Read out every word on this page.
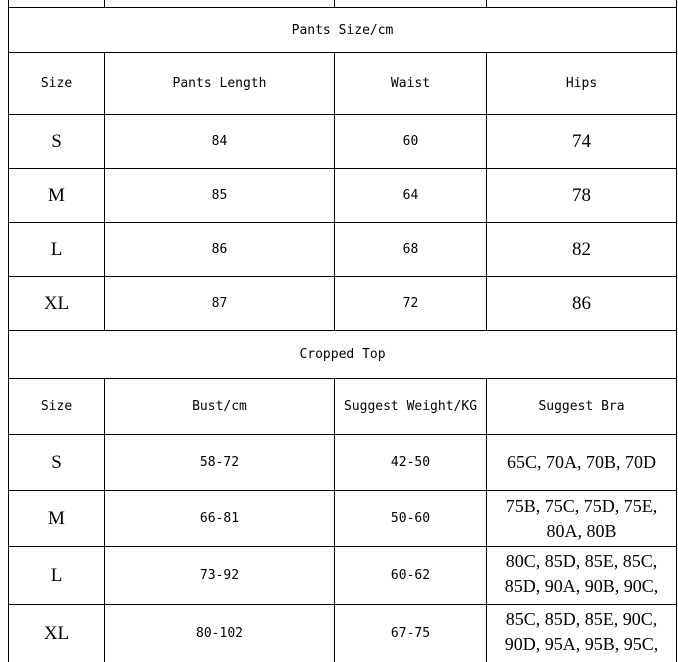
Pants Size/cm			
Size	Pants Length	Waist	Hips
S	84	60	74
M	85	64	78
L	86	68	82
XL	87	72	86
Cropped Top			
Size	Bust/cm	Suggest Weight/KG	Suggest Bra
S	58-72	42-50	65C, 70A, 70B, 70D
M	66-81	50-60	75B, 75C, 75D, 75E, 80A, 80B
L	73-92	60-62	80C, 85D, 85E, 85C, 85D, 90A, 90B, 90C,
XL	80-102	67-75	85C, 85D, 85E, 90C, 90D, 95A, 95B, 95C,
